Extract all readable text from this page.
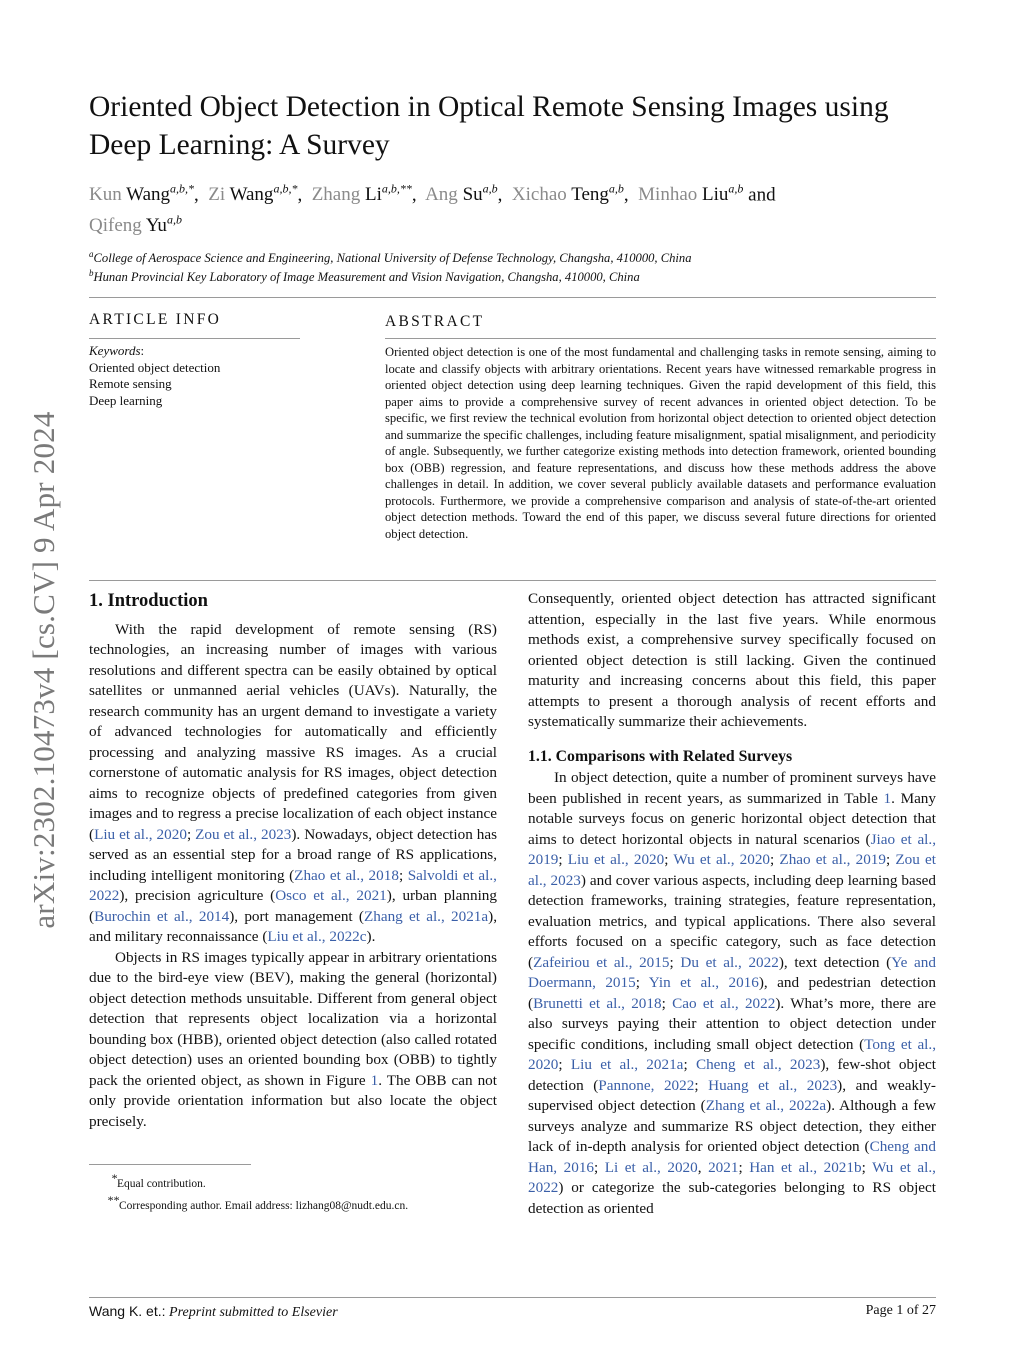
arXiv:2302.10473v4 [cs.CV] 9 Apr 2024
Oriented Object Detection in Optical Remote Sensing Images using
Deep Learning: A Survey
Kun Wang$^{a,b,*}$,  Zi Wang$^{a,b,*}$,  Zhang $Li^{a,b,**}$,  Ang Su$^{a,b}$,  Xichao Teng$^{a,b}$,  Minhao Liu$^{a,b}$ and
Qifeng Yu$^{a,b}$
$^a$College of Aerospace Science and Engineering, National University of Defense Technology, Changsha, 410000, China
$^b$Hunan Provincial Key Laboratory of Image Measurement and Vision Navigation, Changsha, 410000, China
ARTICLE INFO
Keywords:
Oriented object detection
Remote sensing
Deep learning
ABSTRACT
Oriented object detection is one of the most fundamental and challenging tasks in remote sensing, aiming to locate and classify objects with arbitrary orientations. Recent years have witnessed remarkable progress in oriented object detection using deep learning techniques. Given the rapid development of this field, this paper aims to provide a comprehensive survey of recent advances in oriented object detection. To be specific, we first review the technical evolution from horizontal object detection to oriented object detection and summarize the specific challenges, including feature misalignment, spatial misalignment, and periodicity of angle. Subsequently, we further categorize existing methods into detection framework, oriented bounding box (OBB) regression, and feature representations, and discuss how these methods address the above challenges in detail. In addition, we cover several publicly available datasets and performance evaluation protocols. Furthermore, we provide a comprehensive comparison and analysis of state-of-the-art oriented object detection methods. Toward the end of this paper, we discuss several future directions for oriented object detection.
1. Introduction
With the rapid development of remote sensing (RS) technologies, an increasing number of images with various resolutions and different spectra can be easily obtained by optical satellites or unmanned aerial vehicles (UAVs). Naturally, the research community has an urgent demand to investigate a variety of advanced technologies for automatically and efficiently processing and analyzing massive RS images. As a crucial cornerstone of automatic analysis for RS images, object detection aims to recognize objects of predefined categories from given images and to regress a precise localization of each object instance (Liu et al., 2020; Zou et al., 2023). Nowadays, object detection has served as an essential step for a broad range of RS applications, including intelligent monitoring (Zhao et al., 2018; Salvoldi et al., 2022), precision agriculture (Osco et al., 2021), urban planning (Burochin et al., 2014), port management (Zhang et al., 2021a), and military reconnaissance (Liu et al., 2022c).
Objects in RS images typically appear in arbitrary orientations due to the bird-eye view (BEV), making the general (horizontal) object detection methods unsuitable. Different from general object detection that represents object localization via a horizontal bounding box (HBB), oriented object detection (also called rotated object detection) uses an oriented bounding box (OBB) to tightly pack the oriented object, as shown in Figure 1. The OBB can not only provide orientation information but also locate the object precisely.
Consequently, oriented object detection has attracted significant attention, especially in the last five years. While enormous methods exist, a comprehensive survey specifically focused on oriented object detection is still lacking. Given the continued maturity and increasing concerns about this field, this paper attempts to present a thorough analysis of recent efforts and systematically summarize their achievements.
1.1. Comparisons with Related Surveys
In object detection, quite a number of prominent surveys have been published in recent years, as summarized in Table 1. Many notable surveys focus on generic horizontal object detection that aims to detect horizontal objects in natural scenarios (Jiao et al., 2019; Liu et al., 2020; Wu et al., 2020; Zhao et al., 2019; Zou et al., 2023) and cover various aspects, including deep learning based detection frameworks, training strategies, feature representation, evaluation metrics, and typical applications. There also several efforts focused on a specific category, such as face detection (Zafeiriou et al., 2015; Du et al., 2022), text detection (Ye and Doermann, 2015; Yin et al., 2016), and pedestrian detection (Brunetti et al., 2018; Cao et al., 2022). What’s more, there are also surveys paying their attention to object detection under specific conditions, including small object detection (Tong et al., 2020; Liu et al., 2021a; Cheng et al., 2023), few-shot object detection (Pannone, 2022; Huang et al., 2023), and weakly-supervised object detection (Zhang et al., 2022a). Although a few surveys analyze and summarize RS object detection, they either lack of in-depth analysis for oriented object detection (Cheng and Han, 2016; Li et al., 2020, 2021; Han et al., 2021b; Wu et al., 2022) or categorize the sub-categories belonging to RS object detection as oriented
*Equal contribution.
**Corresponding author. Email address: lizhang08@nudt.edu.cn.
Wang K. et.: Preprint submitted to Elsevier	Page 1 of 27
